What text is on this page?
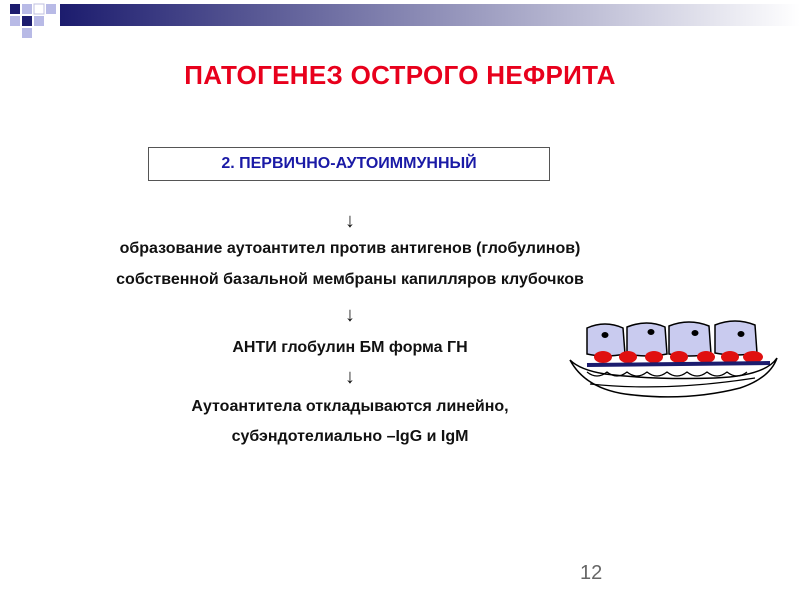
ПАТОГЕНЕЗ ОСТРОГО НЕФРИТА
2. ПЕРВИЧНО-АУТОИММУННЫЙ
↓
образование аутоантител против антигенов (глобулинов)
собственной базальной мембраны капилляров клубочков
↓
АНТИ глобулин БМ форма ГН
↓
Аутоантитела откладываются линейно,
субэндотелиально –IgG и IgM
12
